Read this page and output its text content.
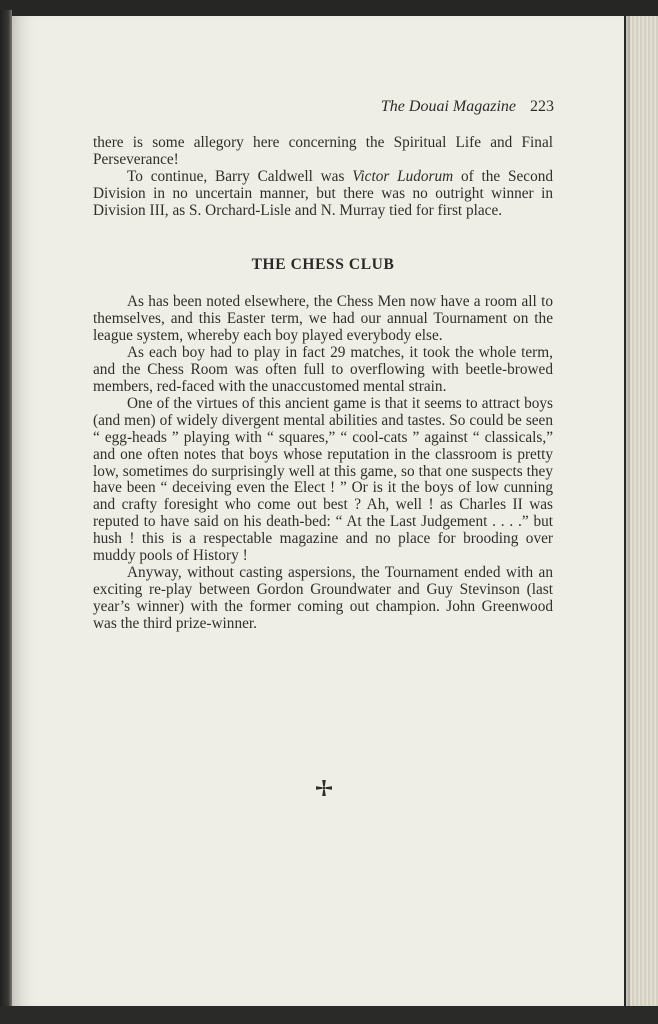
The Douai Magazine 223

there is some allegory here concerning the Spiritual Life and Final Perseverance!

To continue, Barry Caldwell was Victor Ludorum of the Second Division in no uncertain manner, but there was no outright winner in Division III, as S. Orchard-Lisle and N. Murray tied for first place.

THE CHESS CLUB

As has been noted elsewhere, the Chess Men now have a room all to themselves, and this Easter term, we had our annual Tournament on the league system, whereby each boy played everybody else.

As each boy had to play in fact 29 matches, it took the whole term, and the Chess Room was often full to overflowing with beetle-browed members, red-faced with the unaccustomed mental strain.

One of the virtues of this ancient game is that it seems to attract boys (and men) of widely divergent mental abilities and tastes. So could be seen “ egg-heads ” playing with “ squares,” “ cool-cats ” against “ classicals,” and one often notes that boys whose reputation in the classroom is pretty low, sometimes do surprisingly well at this game, so that one suspects they have been “ deceiving even the Elect ! ” Or is it the boys of low cunning and crafty foresight who come out best ? Ah, well ! as Charles II was reputed to have said on his death-bed: “ At the Last Judgement . . . .” but hush ! this is a respectable magazine and no place for brooding over muddy pools of History !

Anyway, without casting aspersions, the Tournament ended with an exciting re-play between Gordon Groundwater and Guy Stevinson (last year’s winner) with the former coming out champion. John Greenwood was the third prize-winner.
